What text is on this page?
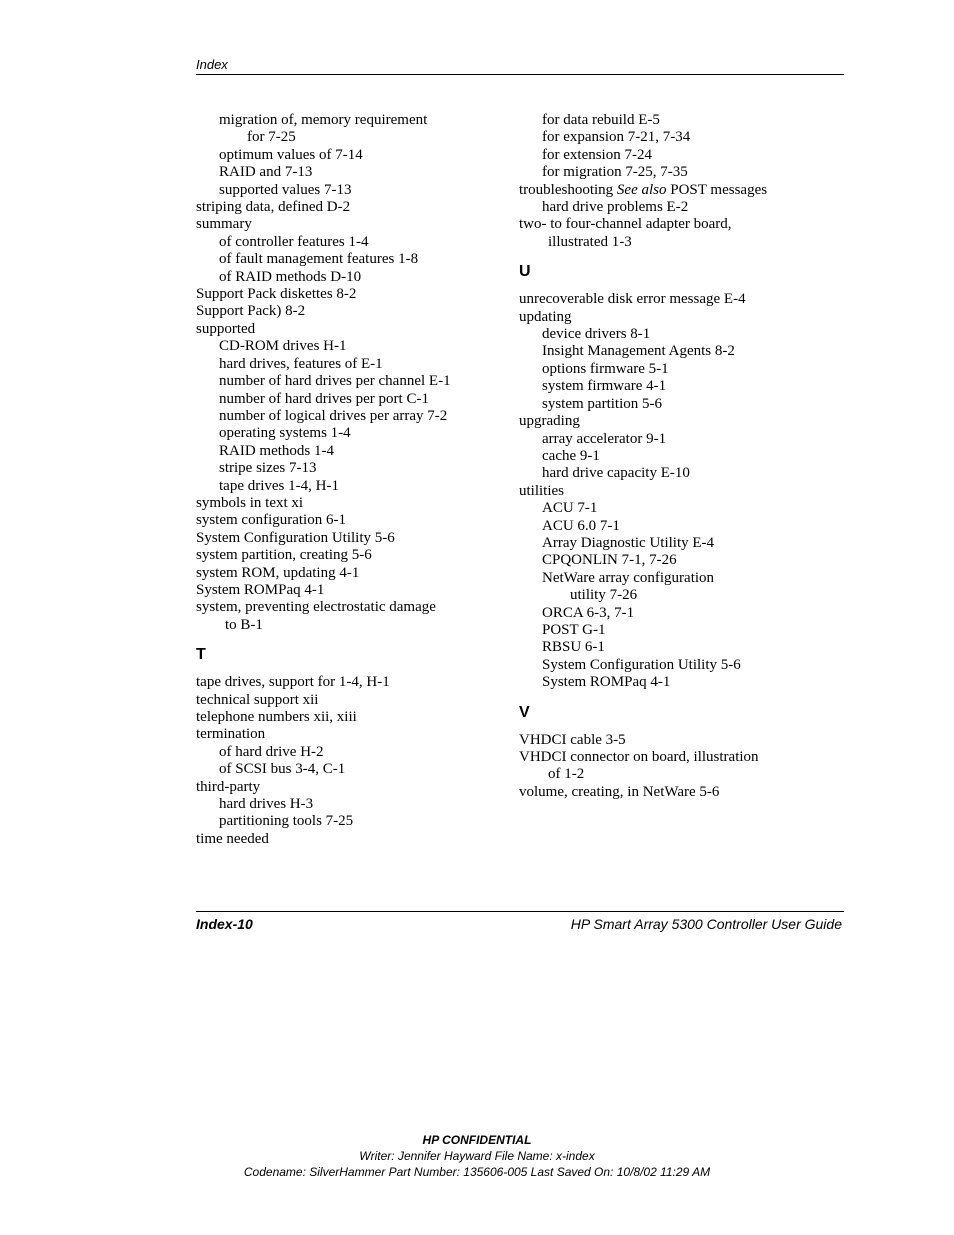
Index
migration of, memory requirement
for 7-25
optimum values of 7-14
RAID and 7-13
supported values 7-13
striping data, defined D-2
summary
of controller features 1-4
of fault management features 1-8
of RAID methods D-10
Support Pack diskettes 8-2
Support Pack) 8-2
supported
CD-ROM drives H-1
hard drives, features of E-1
number of hard drives per channel E-1
number of hard drives per port C-1
number of logical drives per array 7-2
operating systems 1-4
RAID methods 1-4
stripe sizes 7-13
tape drives 1-4, H-1
symbols in text xi
system configuration 6-1
System Configuration Utility 5-6
system partition, creating 5-6
system ROM, updating 4-1
System ROMPaq 4-1
system, preventing electrostatic damage
to B-1
T
tape drives, support for 1-4, H-1
technical support xii
telephone numbers xii, xiii
termination
of hard drive H-2
of SCSI bus 3-4, C-1
third-party
hard drives H-3
partitioning tools 7-25
time needed
for data rebuild E-5
for expansion 7-21, 7-34
for extension 7-24
for migration 7-25, 7-35
troubleshooting See also POST messages
hard drive problems E-2
two- to four-channel adapter board,
illustrated 1-3
U
unrecoverable disk error message E-4
updating
device drivers 8-1
Insight Management Agents 8-2
options firmware 5-1
system firmware 4-1
system partition 5-6
upgrading
array accelerator 9-1
cache 9-1
hard drive capacity E-10
utilities
ACU 7-1
ACU 6.0 7-1
Array Diagnostic Utility E-4
CPQONLIN 7-1, 7-26
NetWare array configuration
utility 7-26
ORCA 6-3, 7-1
POST G-1
RBSU 6-1
System Configuration Utility 5-6
System ROMPaq 4-1
V
VHDCI cable 3-5
VHDCI connector on board, illustration
of 1-2
volume, creating, in NetWare 5-6
Index-10	HP Smart Array 5300 Controller User Guide
HP CONFIDENTIAL
Writer: Jennifer Hayward File Name: x-index
Codename: SilverHammer Part Number: 135606-005 Last Saved On: 10/8/02 11:29 AM
